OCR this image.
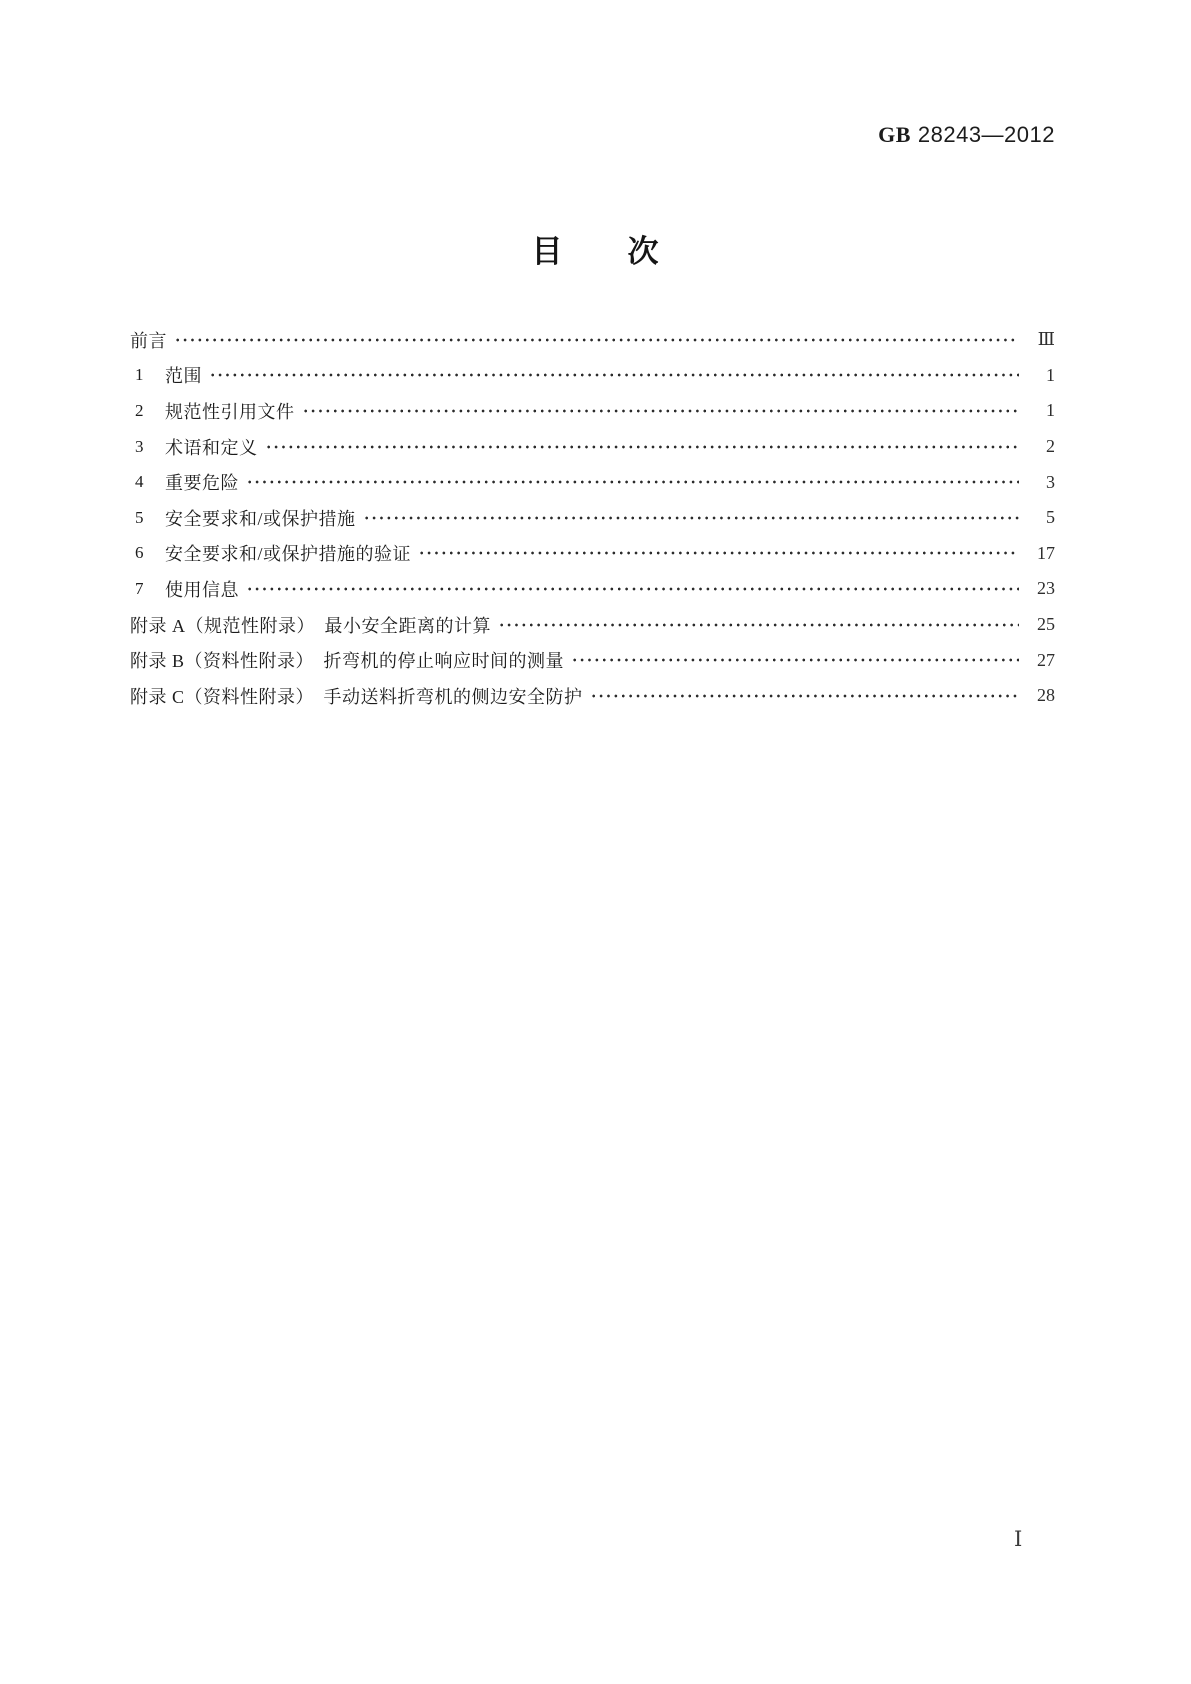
GB 28243—2012
目　　次
前言	Ⅲ
1	范围	1
2	规范性引用文件	1
3	术语和定义	2
4	重要危险	3
5	安全要求和/或保护措施	5
6	安全要求和/或保护措施的验证	17
7	使用信息	23
附录 A（规范性附录）　最小安全距离的计算	25
附录 B（资料性附录）　折弯机的停止响应时间的测量	27
附录 C（资料性附录）　手动送料折弯机的侧边安全防护	28
Ⅰ
